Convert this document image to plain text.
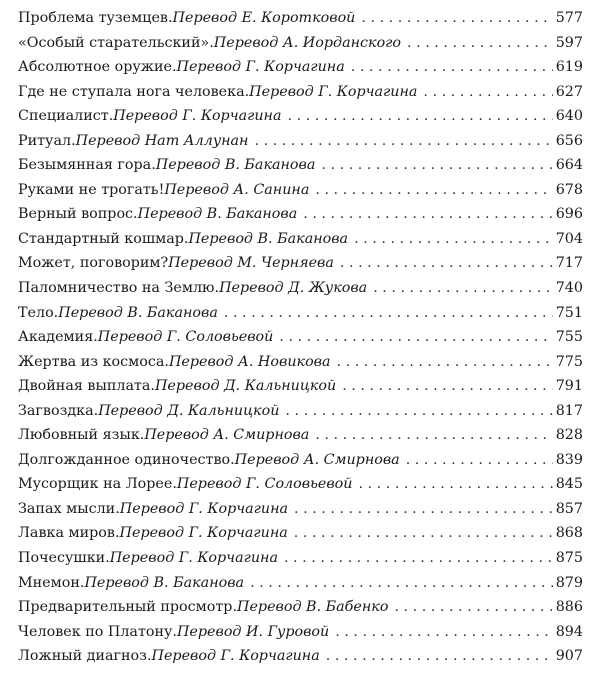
Проблема туземцев. Перевод Е. Коротковой . . .	577
«Особый старательский». Перевод А. Иорданского . . .	597
Абсолютное оружие. Перевод Г. Корчагина . . .	619
Где не ступала нога человека. Перевод Г. Корчагина . . .	627
Специалист. Перевод Г. Корчагина . . .	640
Ритуал. Перевод Нат Аллунан . . .	656
Безымянная гора. Перевод В. Баканова . . .	664
Руками не трогать! Перевод А. Санина . . .	678
Верный вопрос. Перевод В. Баканова . . .	696
Стандартный кошмар. Перевод В. Баканова . . .	704
Может, поговорим? Перевод М. Черняева . . .	717
Паломничество на Землю. Перевод Д. Жукова . . .	740
Тело. Перевод В. Баканова . . .	751
Академия. Перевод Г. Соловьевой . . .	755
Жертва из космоса. Перевод А. Новикова . . .	775
Двойная выплата. Перевод Д. Кальницкой . . .	791
Загвоздка. Перевод Д. Кальницкой . . .	817
Любовный язык. Перевод А. Смирнова . . .	828
Долгожданное одиночество. Перевод А. Смирнова . . .	839
Мусорщик на Лорее. Перевод Г. Соловьевой . . .	845
Запах мысли. Перевод Г. Корчагина . . .	857
Лавка миров. Перевод Г. Корчагина . . .	868
Почесушки. Перевод Г. Корчагина . . .	875
Мнемон. Перевод В. Баканова . . .	879
Предварительный просмотр. Перевод В. Бабенко . . .	886
Человек по Платону. Перевод И. Гуровой . . .	894
Ложный диагноз. Перевод Г. Корчагина . . .	907
